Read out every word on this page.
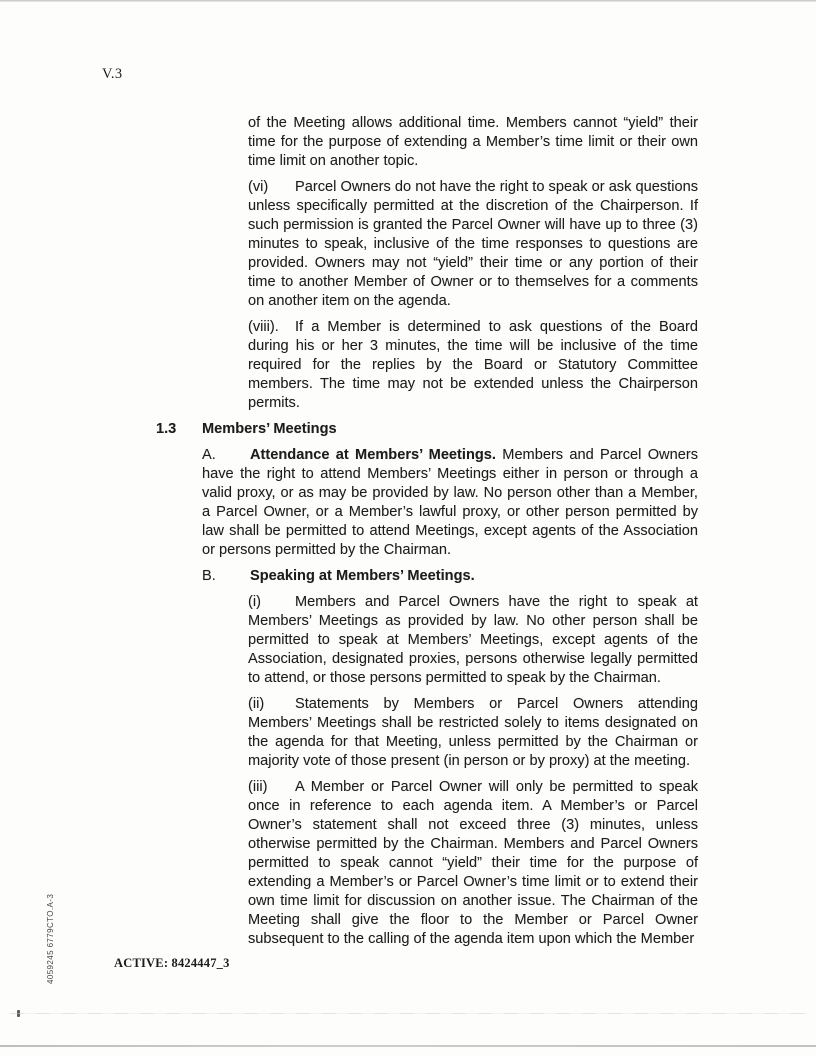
V.3
of the Meeting allows additional time. Members cannot “yield” their time for the purpose of extending a Member’s time limit or their own time limit on another topic.
(vi) Parcel Owners do not have the right to speak or ask questions unless specifically permitted at the discretion of the Chairperson. If such permission is granted the Parcel Owner will have up to three (3) minutes to speak, inclusive of the time responses to questions are provided. Owners may not “yield” their time or any portion of their time to another Member of Owner or to themselves for a comments on another item on the agenda.
(viii). If a Member is determined to ask questions of the Board during his or her 3 minutes, the time will be inclusive of the time required for the replies by the Board or Statutory Committee members. The time may not be extended unless the Chairperson permits.
1.3 Members’ Meetings
A. Attendance at Members’ Meetings. Members and Parcel Owners have the right to attend Members’ Meetings either in person or through a valid proxy, or as may be provided by law. No person other than a Member, a Parcel Owner, or a Member’s lawful proxy, or other person permitted by law shall be permitted to attend Meetings, except agents of the Association or persons permitted by the Chairman.
B. Speaking at Members’ Meetings.
(i) Members and Parcel Owners have the right to speak at Members’ Meetings as provided by law. No other person shall be permitted to speak at Members’ Meetings, except agents of the Association, designated proxies, persons otherwise legally permitted to attend, or those persons permitted to speak by the Chairman.
(ii) Statements by Members or Parcel Owners attending Members’ Meetings shall be restricted solely to items designated on the agenda for that Meeting, unless permitted by the Chairman or majority vote of those present (in person or by proxy) at the meeting.
(iii) A Member or Parcel Owner will only be permitted to speak once in reference to each agenda item. A Member’s or Parcel Owner’s statement shall not exceed three (3) minutes, unless otherwise permitted by the Chairman. Members and Parcel Owners permitted to speak cannot “yield” their time for the purpose of extending a Member’s or Parcel Owner’s time limit or to extend their own time limit for discussion on another issue. The Chairman of the Meeting shall give the floor to the Member or Parcel Owner subsequent to the calling of the agenda item upon which the Member
4059245 6779CTO.A-3	ACTIVE: 8424447_3
